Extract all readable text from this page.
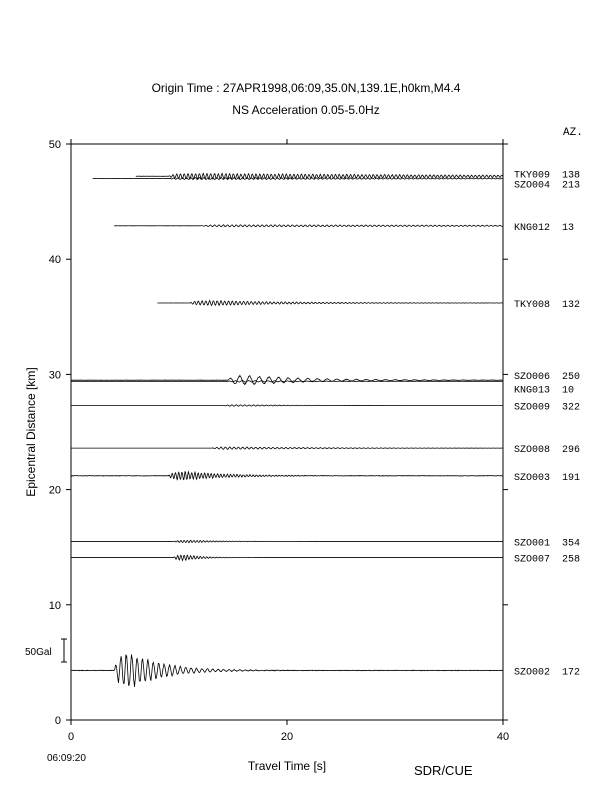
Origin Time : 27APR1998,06:09,35.0N,139.1E,h0km,M4.4
NS Acceleration 0.05-5.0Hz
0
10
20
30
40
50
0	20	40
TKY009 138
SZO004 213
KNG012 13
TKY008 132
SZO006 250
KNG013 10
SZO009 322
SZO008 296
SZO003 191
SZO001 354
SZO007 258
SZO002 172
AZ.
Epicentral Distance [km]
Travel Time [s]
06:09:20
SDR/CUE
50Gal
